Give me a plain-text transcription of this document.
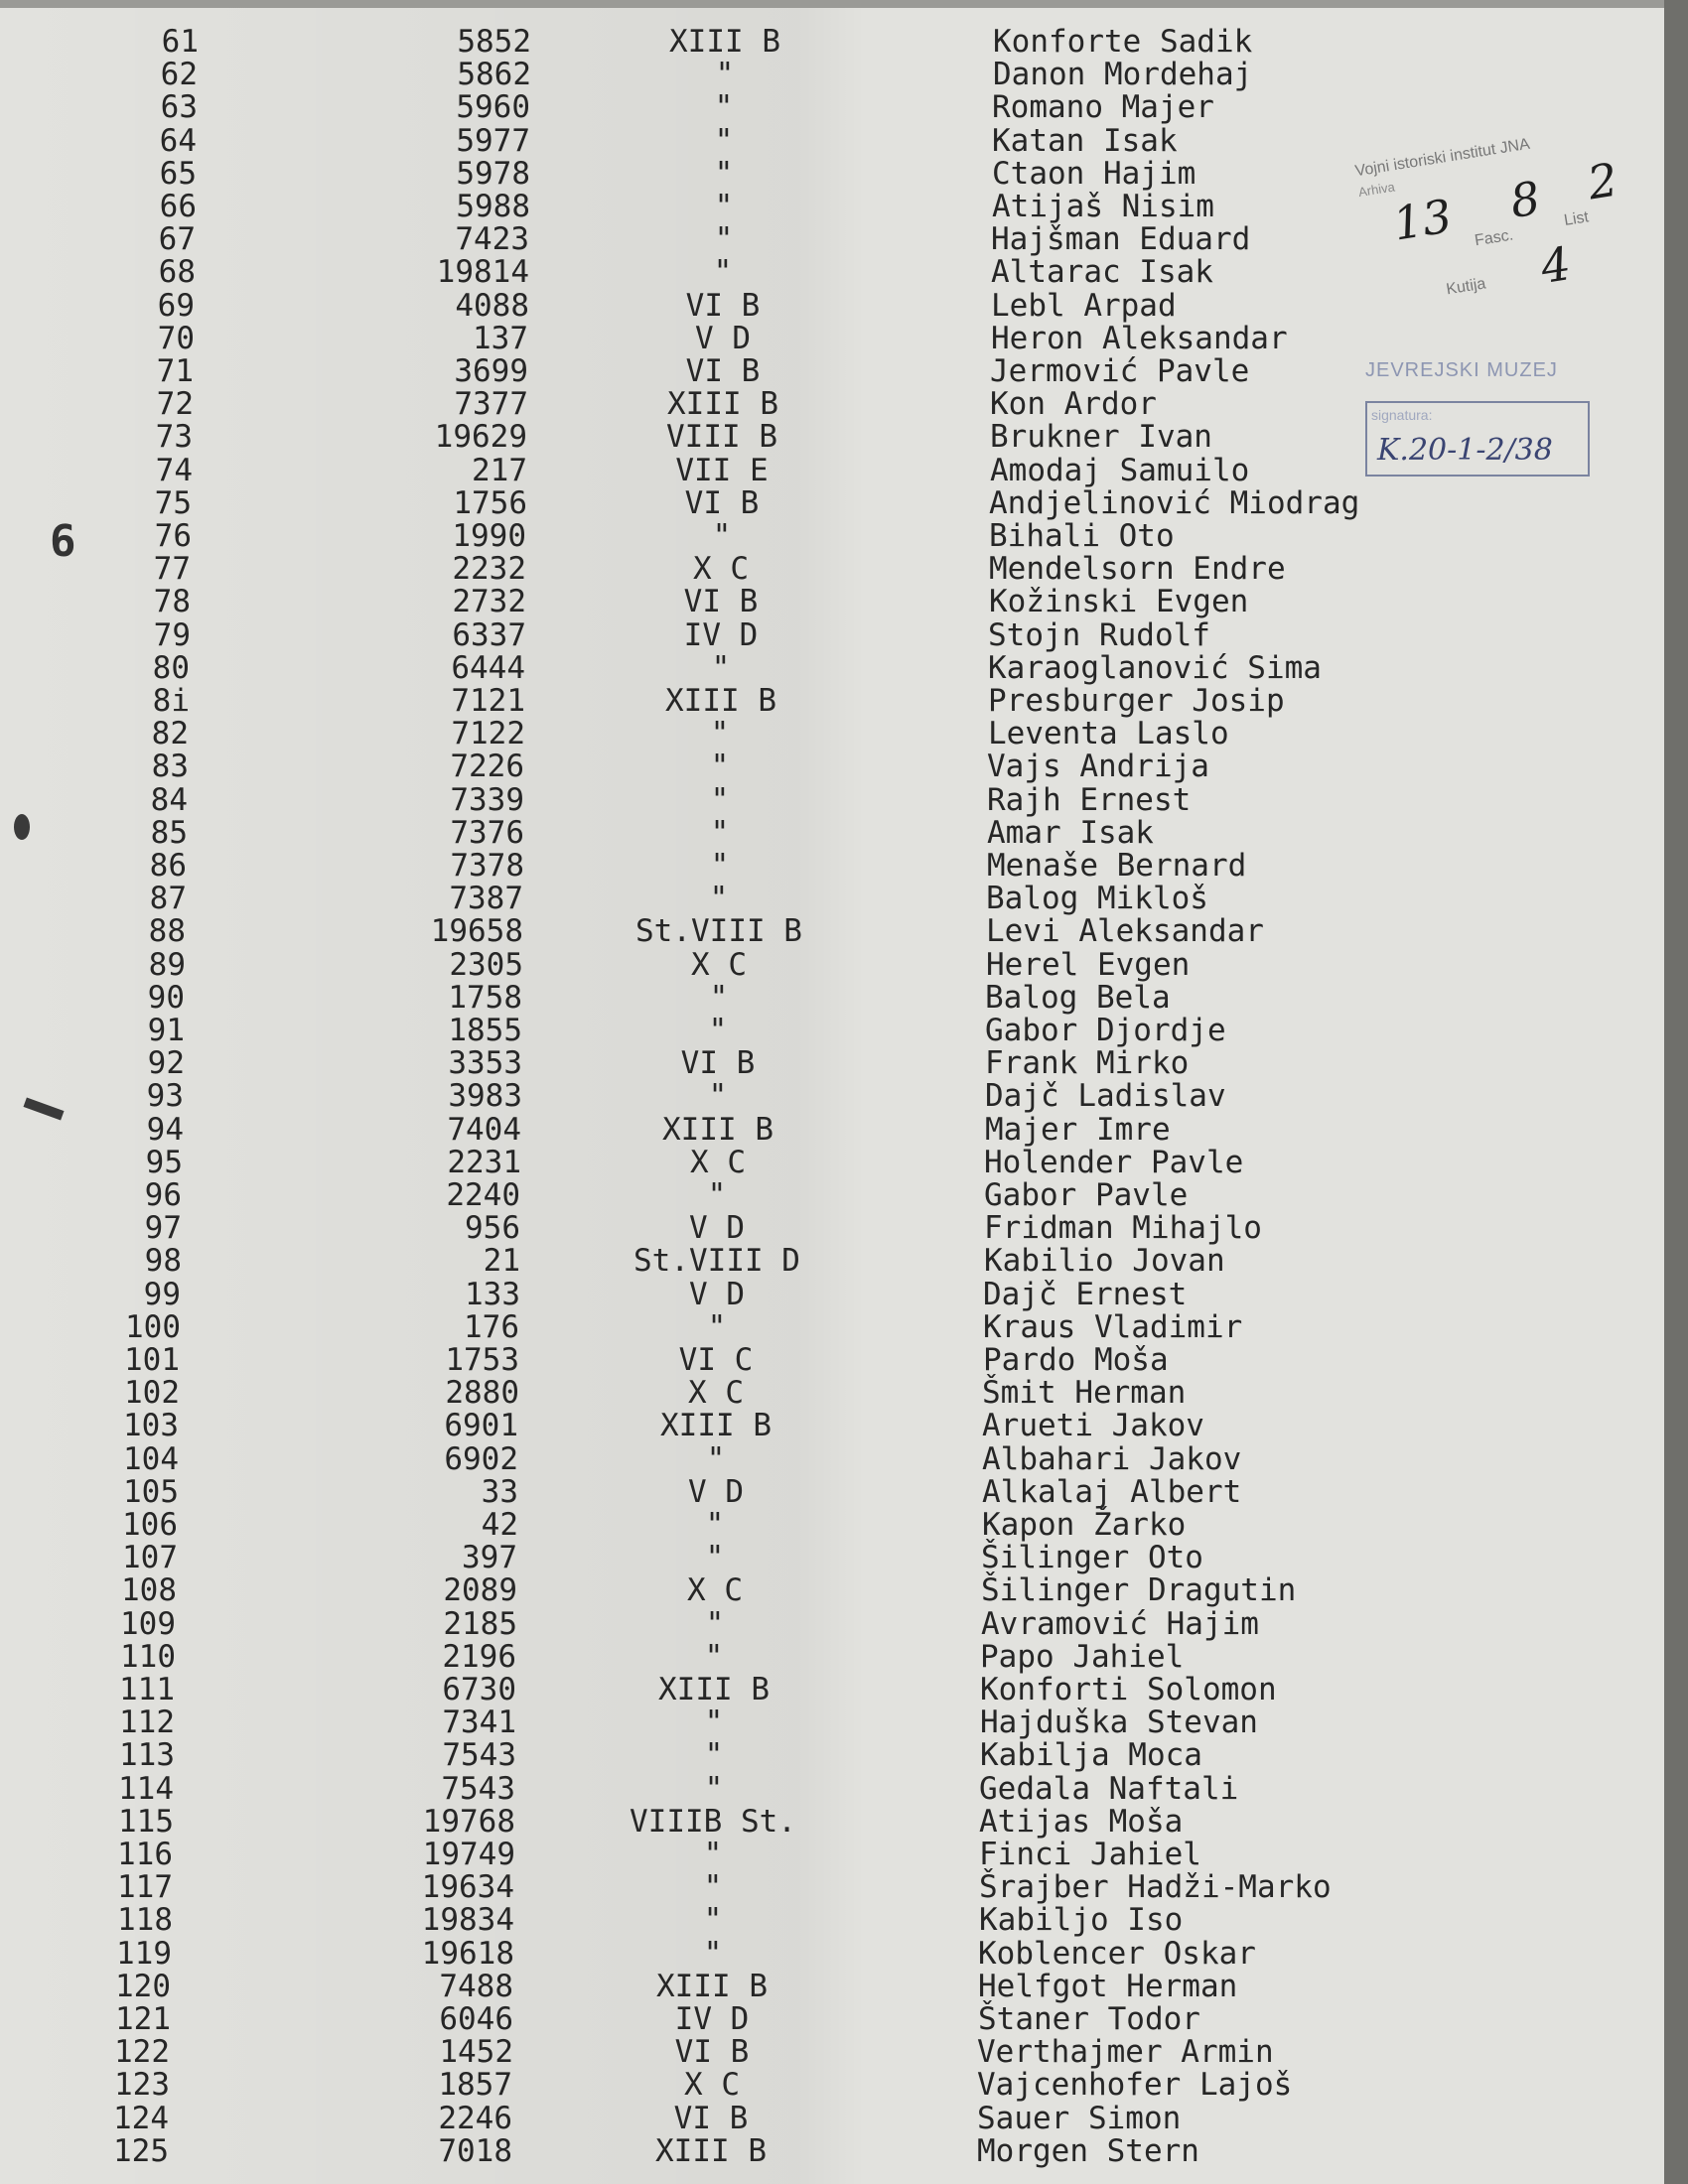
61	5852	XIII B	Konforte Sadik
62	5862	"	Danon Mordehaj
63	5960	"	Romano Majer
64	5977	"	Katan Isak
65	5978	"	Ctaon Hajim
66	5988	"	Atijaš Nisim
67	7423	"	Hajšman Eduard
68	19814	"	Altarac Isak
69	4088	VI B	Lebl Arpad
70	137	V D	Heron Aleksandar
71	3699	VI B	Jermović Pavle
72	7377	XIII B	Kon Ardor
73	19629	VIII B	Brukner Ivan
74	217	VII E	Amodaj Samuilo
75	1756	VI B	Andjelinović Miodrag
76	1990	"	Bihali Oto
77	2232	X C	Mendelsorn Endre
78	2732	VI B	Kožinski Evgen
79	6337	IV D	Stojn Rudolf
80	6444	"	Karaoglanović Sima
8i	7121	XIII B	Presburger Josip
82	7122	"	Leventa Laslo
83	7226	"	Vajs Andrija
84	7339	"	Rajh Ernest
85	7376	"	Amar Isak
86	7378	"	Menaše Bernard
87	7387	"	Balog Mikloš
88	19658	St.VIII B	Levi Aleksandar
89	2305	X C	Herel Evgen
90	1758	"	Balog Bela
91	1855	"	Gabor Djordje
92	3353	VI B	Frank Mirko
93	3983	"	Dajč Ladislav
94	7404	XIII B	Majer Imre
95	2231	X C	Holender Pavle
96	2240	"	Gabor Pavle
97	956	V D	Fridman Mihajlo
98	21	St.VIII D	Kabilio Jovan
99	133	V D	Dajč Ernest
100	176	"	Kraus Vladimir
101	1753	VI C	Pardo Moša
102	2880	X C	Šmit Herman
103	6901	XIII B	Arueti Jakov
104	6902	"	Albahari Jakov
105	33	V D	Alkalaj Albert
106	42	"	Kapon Žarko
107	397	"	Šilinger Oto
108	2089	X C	Šilinger Dragutin
109	2185	"	Avramović Hajim
110	2196	"	Papo Jahiel
111	6730	XIII B	Konforti Solomon
112	7341	"	Hajduška Stevan
113	7543	"	Kabilja Moca
114	7543	"	Gedala Naftali
115	19768	VIIIB St.	Atijas Moša
116	19749	"	Finci Jahiel
117	19634	"	Šrajber Hadži-Marko
118	19834	"	Kabiljo Iso
119	19618	"	Koblencer Oskar
120	7488	XIII B	Helfgot Herman
121	6046	IV D	Štaner Todor
122	1452	VI B	Verthajmer Armin
123	1857	X C	Vajcenhofer Lajoš
124	2246	VI B	Sauer Simon
125	7018	XIII B	Morgen Stern
Vojni istoriski institut JNA
Arhiva
13 8 2
Fasc.
List
Kutija 4
JEVREJSKI MUZEJ
signatura:
K.20-1-2/38
6
